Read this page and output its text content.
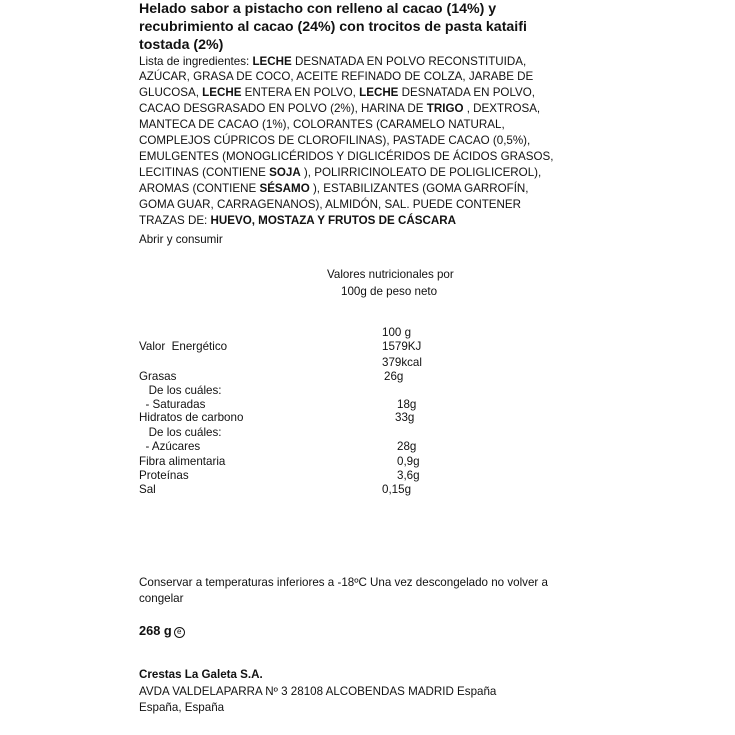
Helado sabor a pistacho con relleno al cacao (14%) y
recubrimiento al cacao (24%) con trocitos de pasta kataifi
tostada (2%)
Lista de ingredientes: LECHE DESNATADA EN POLVO RECONSTITUIDA,
AZÚCAR, GRASA DE COCO, ACEITE REFINADO DE COLZA, JARABE DE
GLUCOSA, LECHE ENTERA EN POLVO, LECHE DESNATADA EN POLVO,
CACAO DESGRASADO EN POLVO (2%), HARINA DE TRIGO , DEXTROSA,
MANTECA DE CACAO (1%), COLORANTES (CARAMELO NATURAL,
COMPLEJOS CÚPRICOS DE CLOROFILINAS), PASTADE CACAO (0,5%),
EMULGENTES (MONOGLICÉRIDOS Y DIGLICÉRIDOS DE ÁCIDOS GRASOS,
LECITINAS (CONTIENE SOJA ), POLIRRICINOLEATO DE POLIGLICEROL),
AROMAS (CONTIENE SÉSAMO ), ESTABILIZANTES (GOMA GARROFÍN,
GOMA GUAR, CARRAGENANOS), ALMIDÓN, SAL. PUEDE CONTENER
TRAZAS DE: HUEVO, MOSTAZA Y FRUTOS DE CÁSCARA
Abrir y consumir
Valores nutricionales por
100g de peso neto
100 g
Valor  Energético	1579KJ
379kcal
Grasas	26g
De los cuáles:
- Saturadas	18g
Hidratos de carbono	33g
De los cuáles:
- Azúcares	28g
Fibra alimentaria	0,9g
Proteínas	3,6g
Sal	0,15g
Conservar a temperaturas inferiores a -18ºC Una vez descongelado no volver a
congelar
268 g e
Crestas La Galeta S.A.
AVDA VALDELAPARRA Nº 3 28108 ALCOBENDAS MADRID España
España, España
